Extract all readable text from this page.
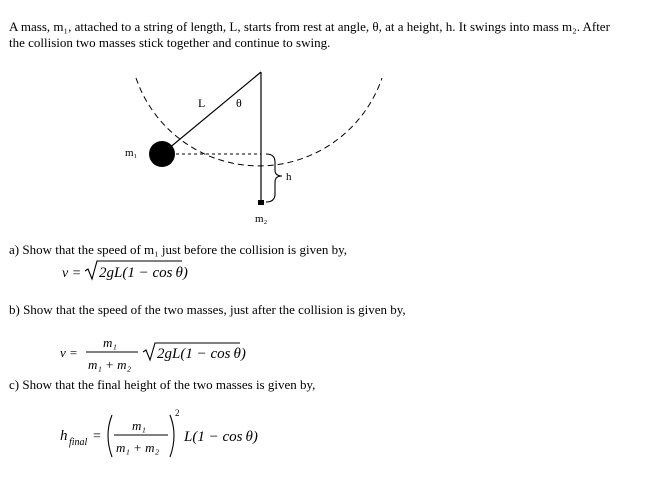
A mass, m₁, attached to a string of length, L, starts from rest at angle, θ, at a height, h. It swings into mass m₂. After
the collision two masses stick together and continue to swing.
L	θ
m₁
h
m₂
a) Show that the speed of m₁ just before the collision is given by,
v = 2gL(1 − cos θ)
b) Show that the speed of the two masses, just after the collision is given by,
v =
m₁
m₁ + m₂
2gL(1 − cos θ)
c) Show that the final height of the two masses is given by,
h final =
m₁
m₁ + m₂
2
L(1 − cos θ)
